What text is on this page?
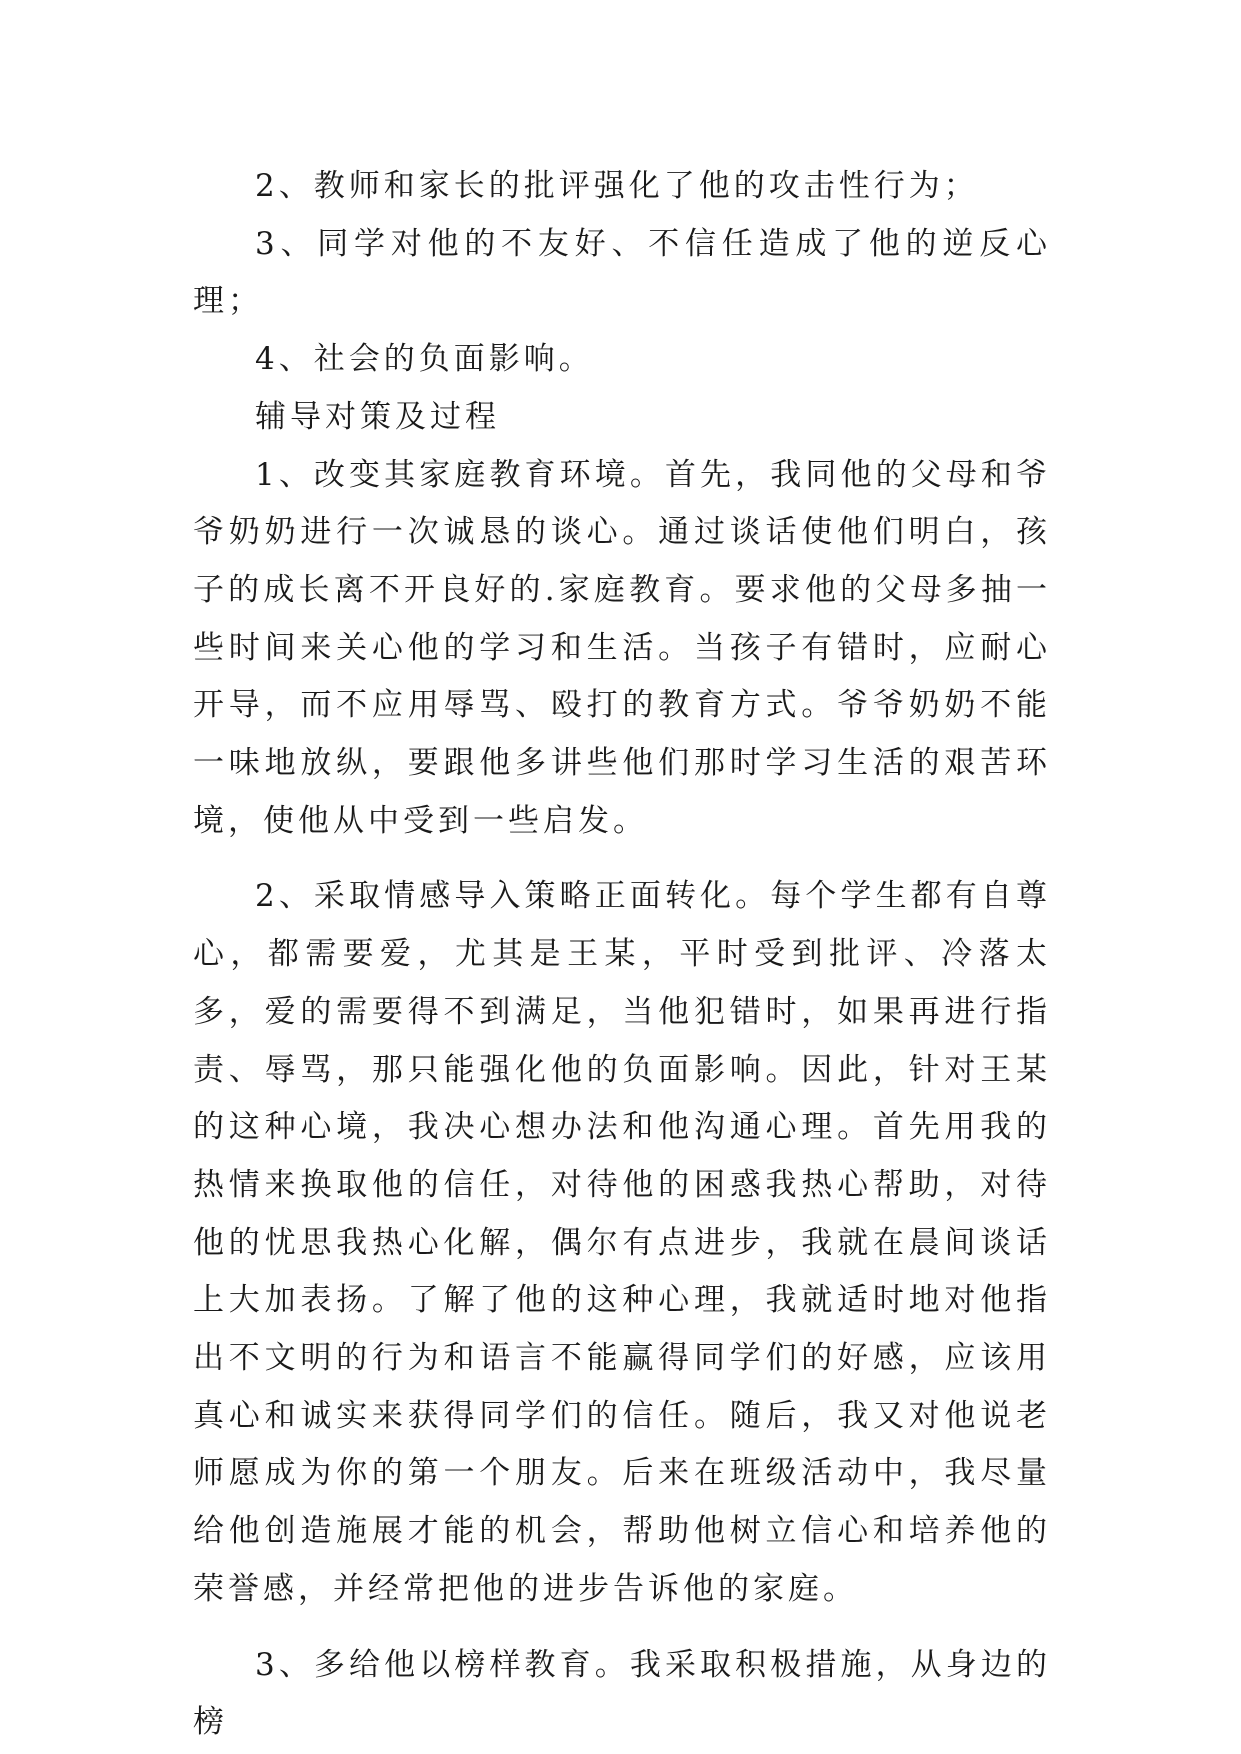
2、教师和家长的批评强化了他的攻击性行为；

3、同学对他的不友好、不信任造成了他的逆反心理；

4、社会的负面影响。

辅导对策及过程

1、改变其家庭教育环境。首先，我同他的父母和爷爷奶奶进行一次诚恳的谈心。通过谈话使他们明白，孩子的成长离不开良好的.家庭教育。要求他的父母多抽一些时间来关心他的学习和生活。当孩子有错时，应耐心开导，而不应用辱骂、殴打的教育方式。爷爷奶奶不能一味地放纵，要跟他多讲些他们那时学习生活的艰苦环境，使他从中受到一些启发。

2、采取情感导入策略正面转化。每个学生都有自尊心，都需要爱，尤其是王某，平时受到批评、冷落太多，爱的需要得不到满足，当他犯错时，如果再进行指责、辱骂，那只能强化他的负面影响。因此，针对王某的这种心境，我决心想办法和他沟通心理。首先用我的热情来换取他的信任，对待他的困惑我热心帮助，对待他的忧思我热心化解，偶尔有点进步，我就在晨间谈话上大加表扬。了解了他的这种心理，我就适时地对他指出不文明的行为和语言不能赢得同学们的好感，应该用真心和诚实来获得同学们的信任。随后，我又对他说老师愿成为你的第一个朋友。后来在班级活动中，我尽量给他创造施展才能的机会，帮助他树立信心和培养他的荣誉感，并经常把他的进步告诉他的家庭。

3、多给他以榜样教育。我采取积极措施，从身边的榜
